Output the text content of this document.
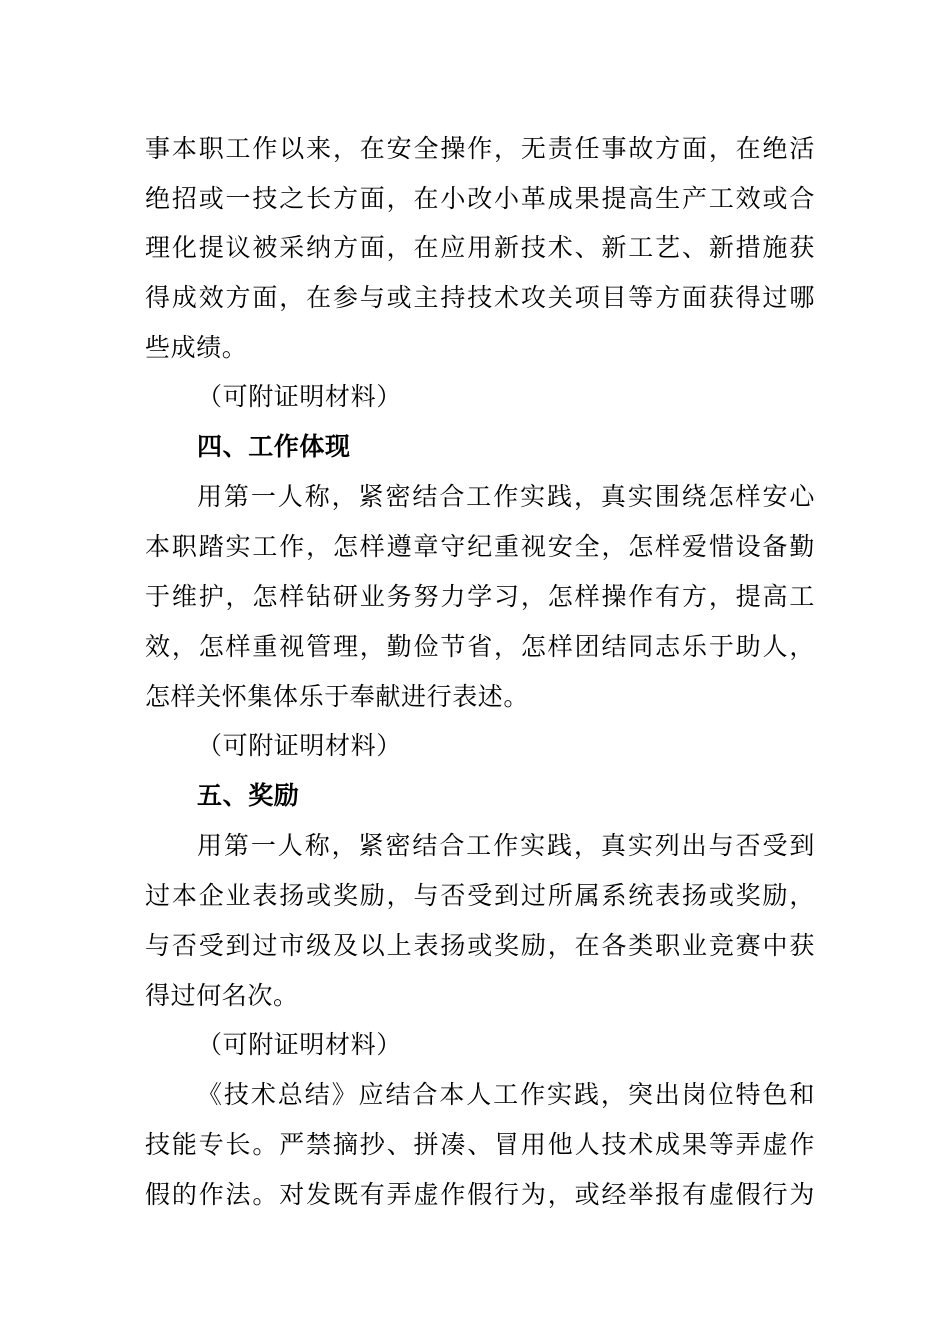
事本职工作以来，在安全操作，无责任事故方面，在绝活
绝招或一技之长方面，在小改小革成果提高生产工效或合
理化提议被采纳方面，在应用新技术、新工艺、新措施获
得成效方面，在参与或主持技术攻关项目等方面获得过哪
些成绩。
（可附证明材料）
四、工作体现
用第一人称，紧密结合工作实践，真实围绕怎样安心
本职踏实工作，怎样遵章守纪重视安全，怎样爱惜设备勤
于维护，怎样钻研业务努力学习，怎样操作有方，提高工
效，怎样重视管理，勤俭节省，怎样团结同志乐于助人，
怎样关怀集体乐于奉献进行表述。
（可附证明材料）
五、奖励
用第一人称，紧密结合工作实践，真实列出与否受到
过本企业表扬或奖励，与否受到过所属系统表扬或奖励，
与否受到过市级及以上表扬或奖励，在各类职业竞赛中获
得过何名次。
（可附证明材料）
《技术总结》应结合本人工作实践，突出岗位特色和
技能专长。严禁摘抄、拼凑、冒用他人技术成果等弄虚作
假的作法。对发既有弄虚作假行为，或经举报有虚假行为
